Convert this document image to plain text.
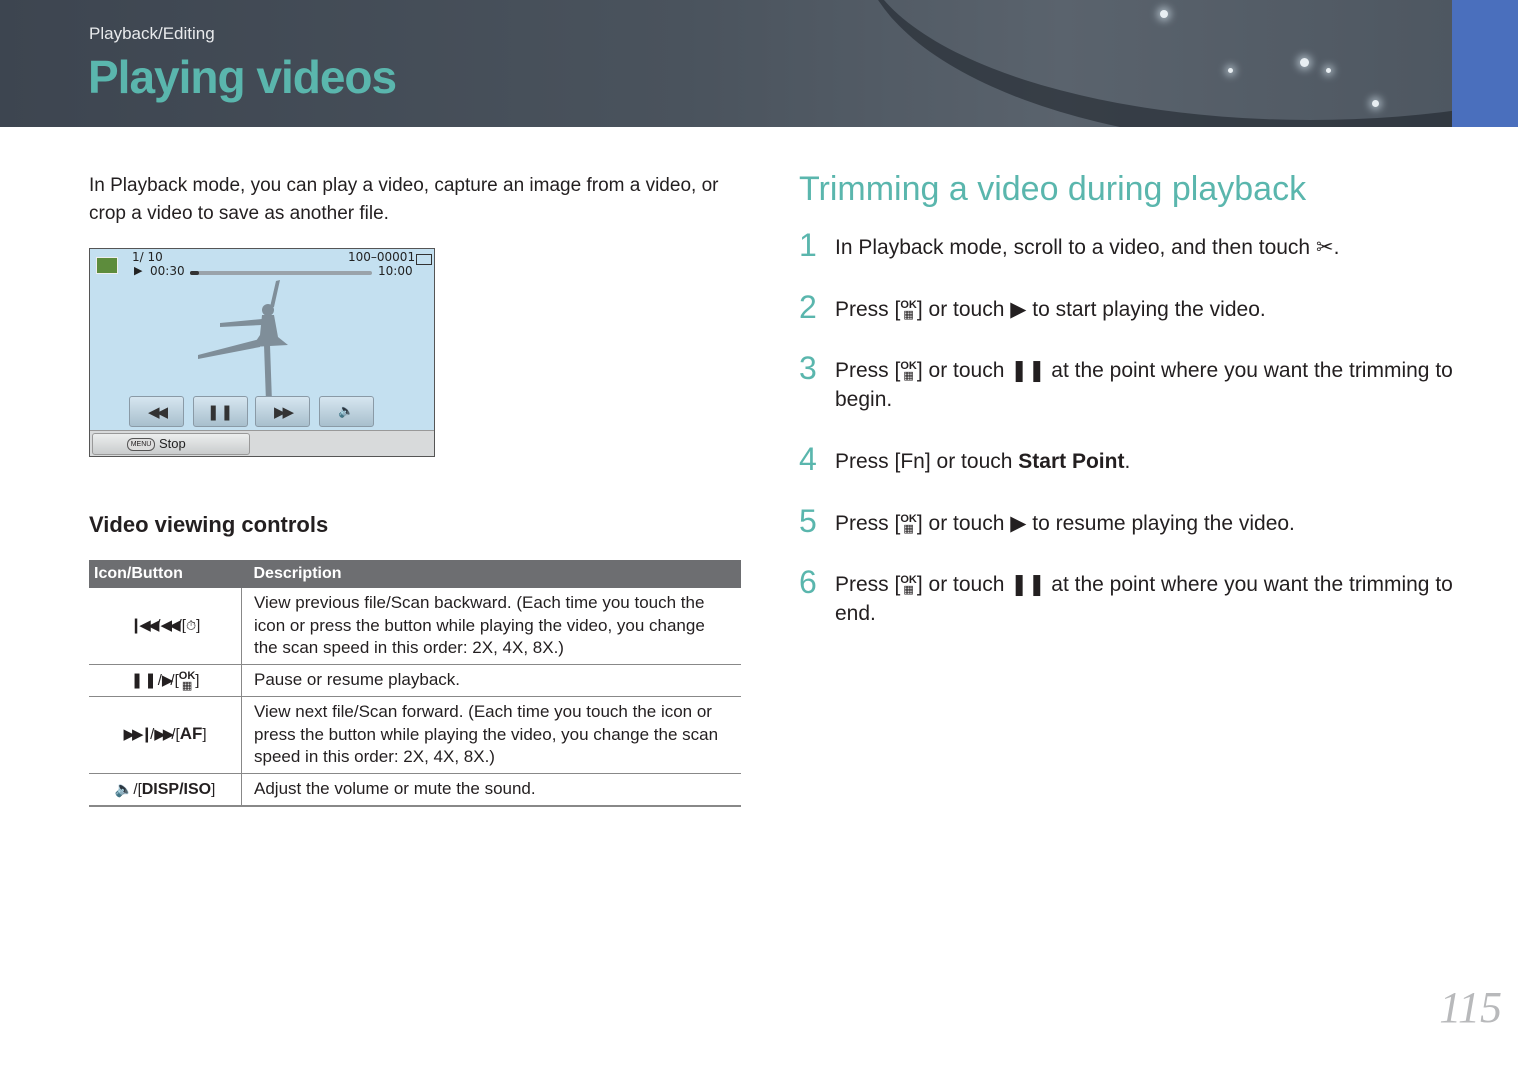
Playback/Editing
Playing videos
In Playback mode, you can play a video, capture an image from a video, or crop a video to save as another file.
1/ 10
▶ 00:30
100–00001
10:00
◀◀	❚❚	▶▶	🔈
MENU Stop
Video viewing controls
Icon/Button	Description
❙◀◀/◀◀/[⏱]	View previous file/Scan backward. (Each time you touch the icon or press the button while playing the video, you change the scan speed in this order: 2X, 4X, 8X.)
❚❚/▶/[OK
▦ ]	Pause or resume playback.
▶▶❙/▶▶/[AF]	View next file/Scan forward. (Each time you touch the icon or press the button while playing the video, you change the scan speed in this order: 2X, 4X, 8X.)
🔈/[DISP/ISO]	Adjust the volume or mute the sound.
Trimming a video during playback
1 In Playback mode, scroll to a video, and then touch ✂.
2 Press [OK
▦ ] or touch ▶ to start playing the video.
3 Press [OK
▦ ] or touch ❚❚ at the point where you want the trimming to begin.
4 Press [Fn] or touch Start Point.
5 Press [OK
▦ ] or touch ▶ to resume playing the video.
6 Press [OK
▦ ] or touch ❚❚ at the point where you want the trimming to end.
115
